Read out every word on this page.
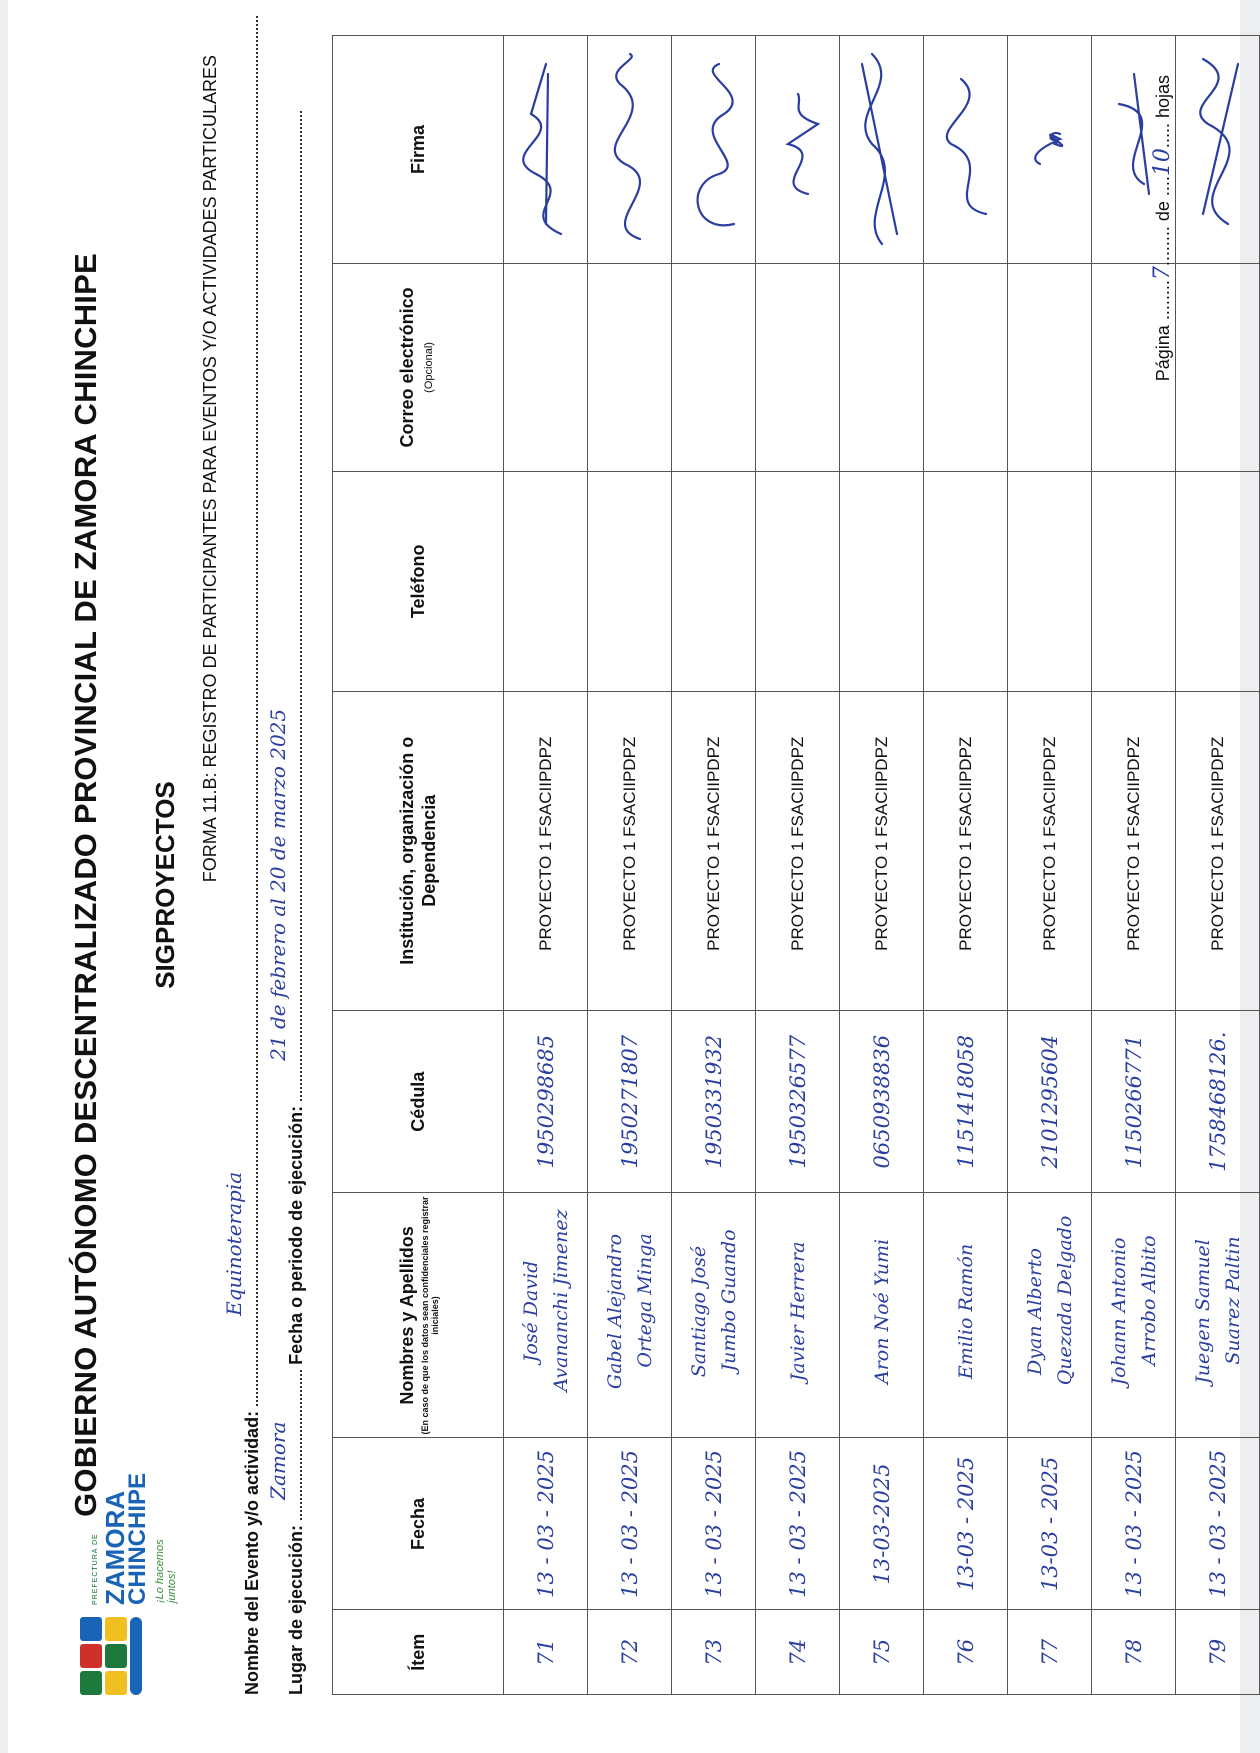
PREFECTURA DE ZAMORA
CHINCHIPE ¡Lo hacemos juntos!
GOBIERNO AUTÓNOMO DESCENTRALIZADO PROVINCIAL DE ZAMORA CHINCHIPE SIGPROYECTOS
FORMA 11.B: REGISTRO DE PARTICIPANTES PARA EVENTOS Y/O ACTIVIDADES PARTICULARES
Nombre del Evento y/o actividad:
Equinoterapia
Lugar de ejecución:
Zamora
Fecha o periodo de ejecución:
21 de febrero al 20 de marzo 2025
Ítem	Fecha	Nombres y Apellidos (En caso de que los datos sean confidenciales registrar iniciales)	Cédula	Institución, organización o Dependencia	Teléfono	Correo electrónico (Opcional)	Firma
71	13 - 03 - 2025	José David Avananchi Jimenez	1950298685	PROYECTO 1 FSACIIPDPZ			

72	13 - 03 - 2025	Gabel Alejandro Ortega Minga	1950271807	PROYECTO 1 FSACIIPDPZ			

73	13 - 03 - 2025	Santiago José Jumbo Guando	1950331932	PROYECTO 1 FSACIIPDPZ			

74	13 - 03 - 2025	Javier Herrera	1950326577	PROYECTO 1 FSACIIPDPZ			

75	13-03-2025	Aron Noé Yumi	0650938836	PROYECTO 1 FSACIIPDPZ			

76	13-03 - 2025	Emilio Ramón	1151418058	PROYECTO 1 FSACIIPDPZ			

77	13-03 - 2025	Dyan Alberto Quezada Delgado	2101295604	PROYECTO 1 FSACIIPDPZ			

78	13 - 03 - 2025	Johann Antonio Arrobo Albito	1150266771	PROYECTO 1 FSACIIPDPZ			

79	13 - 03 - 2025	Juegen Samuel Suarez Paltin	1758468126.	PROYECTO 1 FSACIIPDPZ			
Página ........7........ de ....10..... hojas
